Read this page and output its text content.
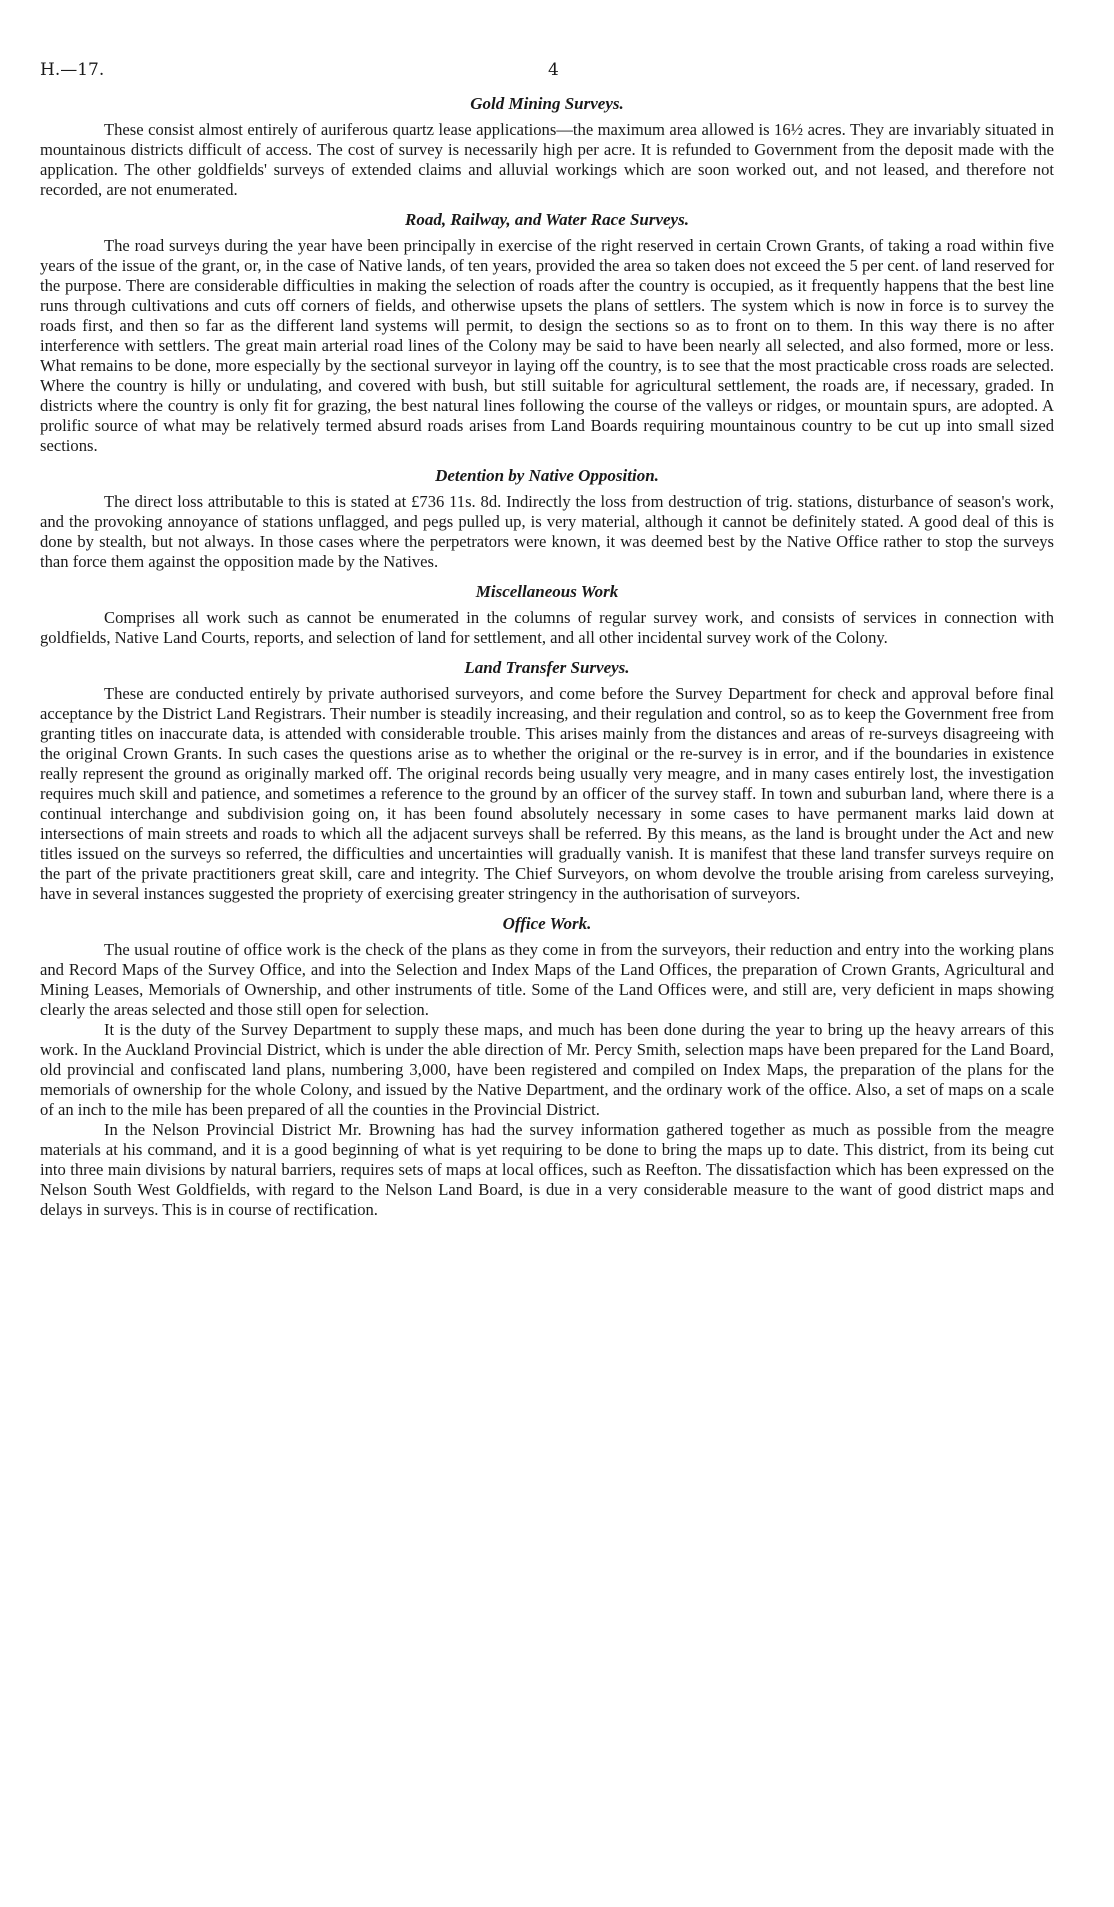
H.—17.	4
Gold Mining Surveys.

These consist almost entirely of auriferous quartz lease applications—the maximum area allowed is 16½ acres. They are invariably situated in mountainous districts difficult of access. The cost of survey is necessarily high per acre. It is refunded to Government from the deposit made with the application. The other goldfields' surveys of extended claims and alluvial workings which are soon worked out, and not leased, and therefore not recorded, are not enumerated.

Road, Railway, and Water Race Surveys.

The road surveys during the year have been principally in exercise of the right reserved in certain Crown Grants, of taking a road within five years of the issue of the grant, or, in the case of Native lands, of ten years, provided the area so taken does not exceed the 5 per cent. of land reserved for the purpose. There are considerable difficulties in making the selection of roads after the country is occupied, as it frequently happens that the best line runs through cultivations and cuts off corners of fields, and otherwise upsets the plans of settlers. The system which is now in force is to survey the roads first, and then so far as the different land systems will permit, to design the sections so as to front on to them. In this way there is no after interference with settlers. The great main arterial road lines of the Colony may be said to have been nearly all selected, and also formed, more or less. What remains to be done, more especially by the sectional surveyor in laying off the country, is to see that the most practicable cross roads are selected. Where the country is hilly or undulating, and covered with bush, but still suitable for agricultural settlement, the roads are, if necessary, graded. In districts where the country is only fit for grazing, the best natural lines following the course of the valleys or ridges, or mountain spurs, are adopted. A prolific source of what may be relatively termed absurd roads arises from Land Boards requiring mountainous country to be cut up into small sized sections.

Detention by Native Opposition.

The direct loss attributable to this is stated at £736 11s. 8d. Indirectly the loss from destruction of trig. stations, disturbance of season's work, and the provoking annoyance of stations unflagged, and pegs pulled up, is very material, although it cannot be definitely stated. A good deal of this is done by stealth, but not always. In those cases where the perpetrators were known, it was deemed best by the Native Office rather to stop the surveys than force them against the opposition made by the Natives.

Miscellaneous Work

Comprises all work such as cannot be enumerated in the columns of regular survey work, and consists of services in connection with goldfields, Native Land Courts, reports, and selection of land for settlement, and all other incidental survey work of the Colony.

Land Transfer Surveys.

These are conducted entirely by private authorised surveyors, and come before the Survey Department for check and approval before final acceptance by the District Land Registrars. Their number is steadily increasing, and their regulation and control, so as to keep the Government free from granting titles on inaccurate data, is attended with considerable trouble. This arises mainly from the distances and areas of re-surveys disagreeing with the original Crown Grants. In such cases the questions arise as to whether the original or the re-survey is in error, and if the boundaries in existence really represent the ground as originally marked off. The original records being usually very meagre, and in many cases entirely lost, the investigation requires much skill and patience, and sometimes a reference to the ground by an officer of the survey staff. In town and suburban land, where there is a continual interchange and subdivision going on, it has been found absolutely necessary in some cases to have permanent marks laid down at intersections of main streets and roads to which all the adjacent surveys shall be referred. By this means, as the land is brought under the Act and new titles issued on the surveys so referred, the difficulties and uncertainties will gradually vanish. It is manifest that these land transfer surveys require on the part of the private practitioners great skill, care and integrity. The Chief Surveyors, on whom devolve the trouble arising from careless surveying, have in several instances suggested the propriety of exercising greater stringency in the authorisation of surveyors.

Office Work.

The usual routine of office work is the check of the plans as they come in from the surveyors, their reduction and entry into the working plans and Record Maps of the Survey Office, and into the Selection and Index Maps of the Land Offices, the preparation of Crown Grants, Agricultural and Mining Leases, Memorials of Ownership, and other instruments of title. Some of the Land Offices were, and still are, very deficient in maps showing clearly the areas selected and those still open for selection.

It is the duty of the Survey Department to supply these maps, and much has been done during the year to bring up the heavy arrears of this work. In the Auckland Provincial District, which is under the able direction of Mr. Percy Smith, selection maps have been prepared for the Land Board, old provincial and confiscated land plans, numbering 3,000, have been registered and compiled on Index Maps, the preparation of the plans for the memorials of ownership for the whole Colony, and issued by the Native Department, and the ordinary work of the office. Also, a set of maps on a scale of an inch to the mile has been prepared of all the counties in the Provincial District.

In the Nelson Provincial District Mr. Browning has had the survey information gathered together as much as possible from the meagre materials at his command, and it is a good beginning of what is yet requiring to be done to bring the maps up to date. This district, from its being cut into three main divisions by natural barriers, requires sets of maps at local offices, such as Reefton. The dissatisfaction which has been expressed on the Nelson South West Goldfields, with regard to the Nelson Land Board, is due in a very considerable measure to the want of good district maps and delays in surveys. This is in course of rectification.
